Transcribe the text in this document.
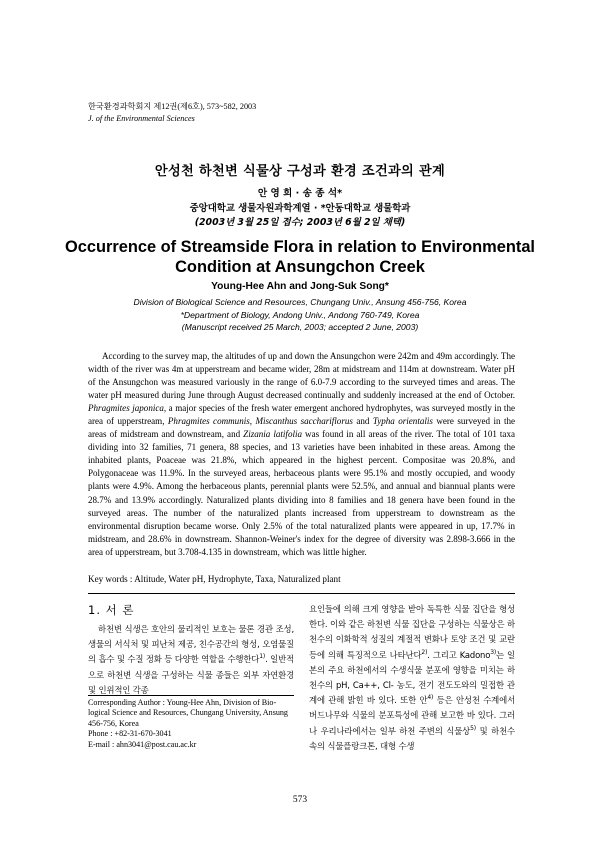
한국환경과학회지 제12권(제6호), 573~582, 2003
J. of the Environmental Sciences
안성천 하천변 식물상 구성과 환경 조건과의 관계
안 영 희 · 송 종 석*
중앙대학교 생물자원과학계열 · *안동대학교 생물학과
(2003년 3월 25일 접수; 2003년 6월 2일 채택)
Occurrence of Streamside Flora in relation to Environmental
Condition at Ansungchon Creek
Young-Hee Ahn and Jong-Suk Song*
Division of Biological Science and Resources, Chungang Univ., Ansung 456-756, Korea
*Department of Biology, Andong Univ., Andong 760-749, Korea
(Manuscript received 25 March, 2003; accepted 2 June, 2003)

According to the survey map, the altitudes of up and down the Ansungchon were 242m and 49m accordingly. The width of the river was 4m at upperstream and became wider, 28m at midstream and 114m at downstream. Water pH of the Ansungchon was measured variously in the range of 6.0-7.9 according to the surveyed times and areas. The water pH measured during June through August decreased continually and suddenly increased at the end of October. Phragmites japonica, a major species of the fresh water emergent anchored hydrophytes, was surveyed mostly in the area of upperstream, Phragmites communis, Miscanthus sacchariflorus and Typha orientalis were surveyed in the areas of midstream and downstream, and Zizania latifolia was found in all areas of the river. The total of 101 taxa dividing into 32 families, 71 genera, 88 species, and 13 varieties have been inhabited in these areas. Among the inhabited plants, Poaceae was 21.8%, which appeared in the highest percent. Compositae was 20.8%, and Polygonaceae was 11.9%. In the surveyed areas, herbaceous plants were 95.1% and mostly occupied, and woody plants were 4.9%. Among the herbaceous plants, perennial plants were 52.5%, and annual and biannual plants were 28.7% and 13.9% accordingly. Naturalized plants dividing into 8 families and 18 genera have been found in the surveyed areas. The number of the naturalized plants increased from upperstream to downstream as the environmental disruption became worse. Only 2.5% of the total naturalized plants were appeared in up, 17.7% in midstream, and 28.6% in downstream. Shannon-Weiner's index for the degree of diversity was 2.898-3.666 in the area of upperstream, but 3.708-4.135 in downstream, which was little higher.

Key words : Altitude, Water pH, Hydrophyte, Taxa, Naturalized plant
1. 서 론

하천변 식생은 호안의 물리적인 보호는 물론 경관 조성, 생물의 서식처 및 피난처 제공, 친수공간의 형성, 오염물질의 흡수 및 수질 정화 등 다양한 역할을 수행한다$^{1)}$. 일반적으로 하천변 식생을 구성하는 식물 종들은 외부 자연환경 및 인위적인 각종

요인들에 의해 크게 영향을 받아 독특한 식물 집단을 형성한다. 이와 같은 하천변 식물 집단을 구성하는 식물상은 하천수의 이화학적 성질의 계절적 변화나 토양 조건 및 교란 등에 의해 특징적으로 나타난다$^{2)}$. 그리고 Kadono$^{3)}$는 일본의 주요 하천에서의 수생식물 분포에 영향을 미치는 하천수의 pH, Ca++, Cl- 농도, 전기 전도도와의 밀접한 관계에 관해 밝힌 바 있다. 또한 안$^{4)}$ 등은 안성천 수계에서 버드나무와 식물의 분포특성에 관해 보고한 바 있다. 그러나 우리나라에서는 일부 하천 주변의 식물상$^{5)}$ 및 하천수 속의 식물플랑크톤, 대형 수생

Corresponding Author : Young-Hee Ahn, Division of Bio-
logical Science and Resources, Chungang University, Ansung
456-756, Korea
Phone : +82-31-670-3041
E-mail : ahn3041@post.cau.ac.kr
573
